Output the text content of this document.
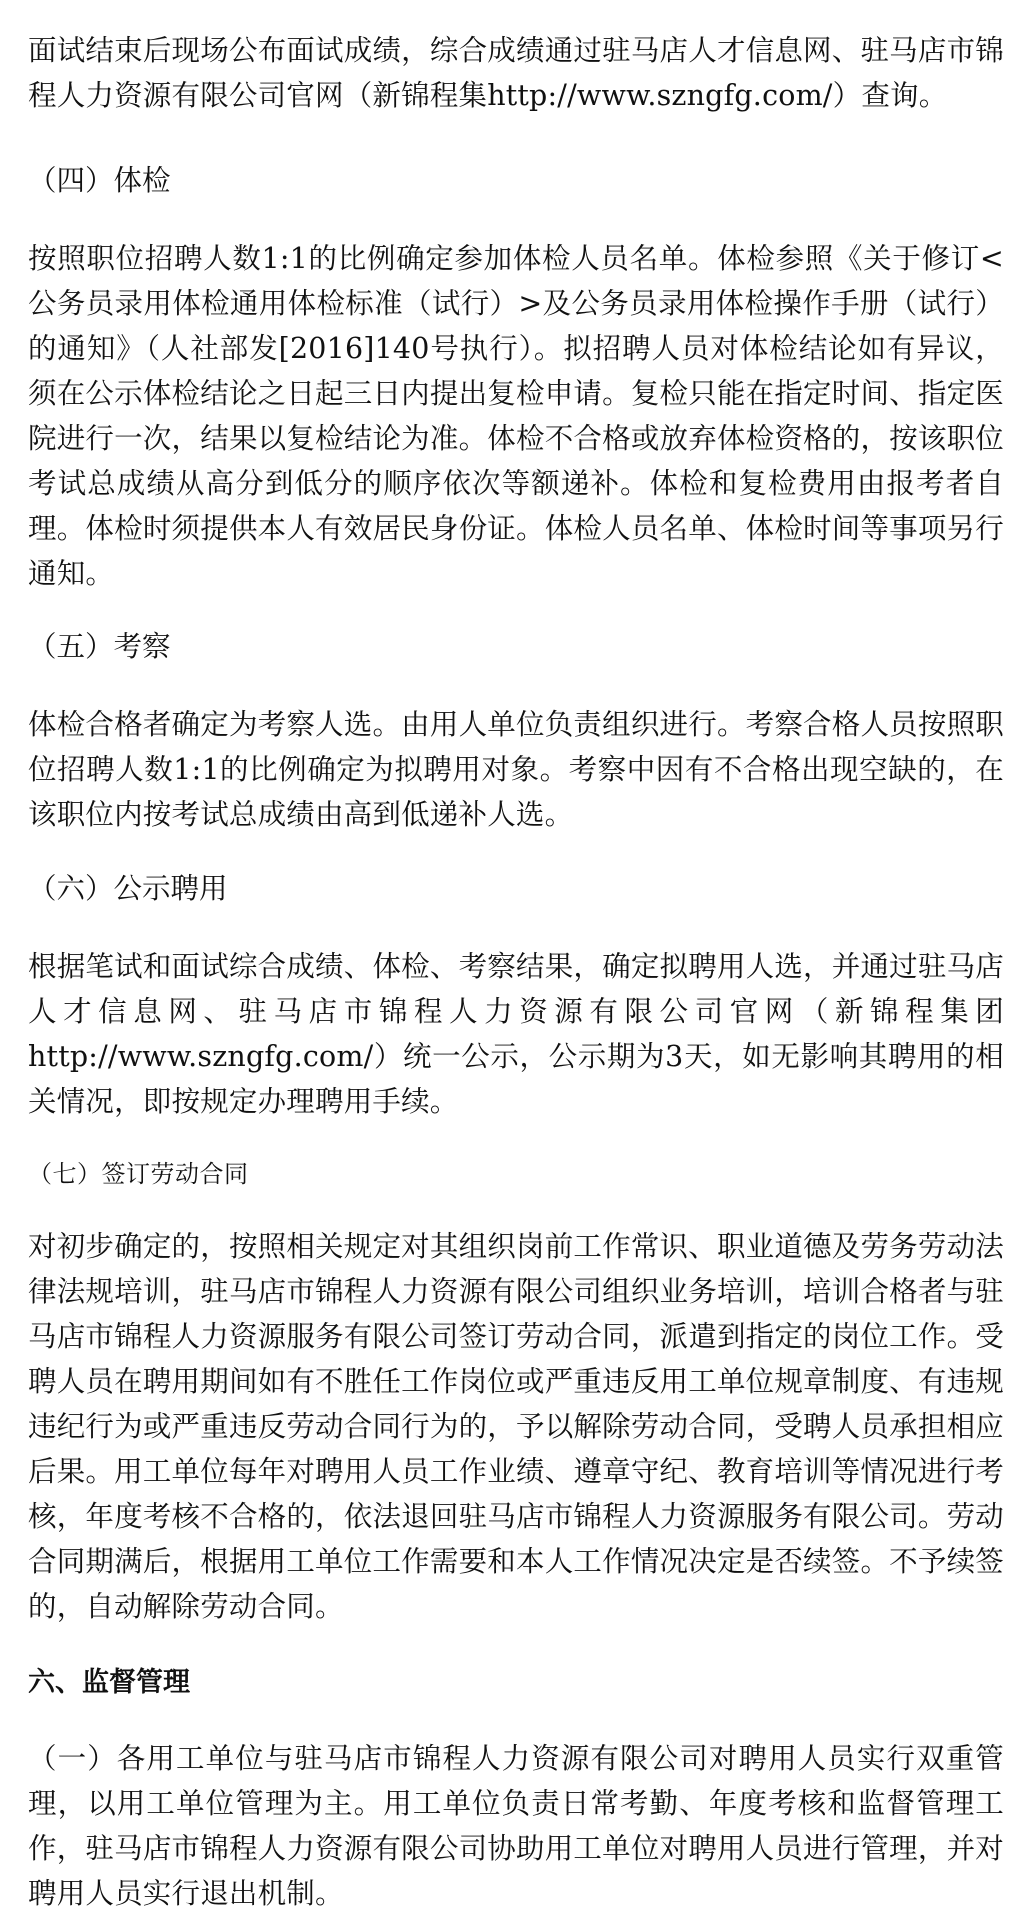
面试结束后现场公布面试成绩，综合成绩通过驻马店人才信息网、驻马店市锦程人力资源有限公司官网（新锦程集http://www.szngfg.com/）查询。

（四）体检

按照职位招聘人数1:1的比例确定参加体检人员名单。体检参照《关于修订<公务员录用体检通用体检标准（试行）>及公务员录用体检操作手册（试行）的通知》（人社部发[2016]140号执行）。拟招聘人员对体检结论如有异议，须在公示体检结论之日起三日内提出复检申请。复检只能在指定时间、指定医院进行一次，结果以复检结论为准。体检不合格或放弃体检资格的，按该职位考试总成绩从高分到低分的顺序依次等额递补。体检和复检费用由报考者自理。体检时须提供本人有效居民身份证。体检人员名单、体检时间等事项另行通知。

（五）考察

体检合格者确定为考察人选。由用人单位负责组织进行。考察合格人员按照职位招聘人数1:1的比例确定为拟聘用对象。考察中因有不合格出现空缺的，在该职位内按考试总成绩由高到低递补人选。

（六）公示聘用

根据笔试和面试综合成绩、体检、考察结果，确定拟聘用人选，并通过驻马店人才信息网、驻马店市锦程人力资源有限公司官网（新锦程集团http://www.szngfg.com/）统一公示，公示期为3天，如无影响其聘用的相关情况，即按规定办理聘用手续。

（七）签订劳动合同

对初步确定的，按照相关规定对其组织岗前工作常识、职业道德及劳务劳动法律法规培训，驻马店市锦程人力资源有限公司组织业务培训，培训合格者与驻马店市锦程人力资源服务有限公司签订劳动合同，派遣到指定的岗位工作。受聘人员在聘用期间如有不胜任工作岗位或严重违反用工单位规章制度、有违规违纪行为或严重违反劳动合同行为的，予以解除劳动合同，受聘人员承担相应后果。用工单位每年对聘用人员工作业绩、遵章守纪、教育培训等情况进行考核，年度考核不合格的，依法退回驻马店市锦程人力资源服务有限公司。劳动合同期满后，根据用工单位工作需要和本人工作情况决定是否续签。不予续签的，自动解除劳动合同。

六、监督管理

（一）各用工单位与驻马店市锦程人力资源有限公司对聘用人员实行双重管理，以用工单位管理为主。用工单位负责日常考勤、年度考核和监督管理工作，驻马店市锦程人力资源有限公司协助用工单位对聘用人员进行管理，并对聘用人员实行退出机制。
